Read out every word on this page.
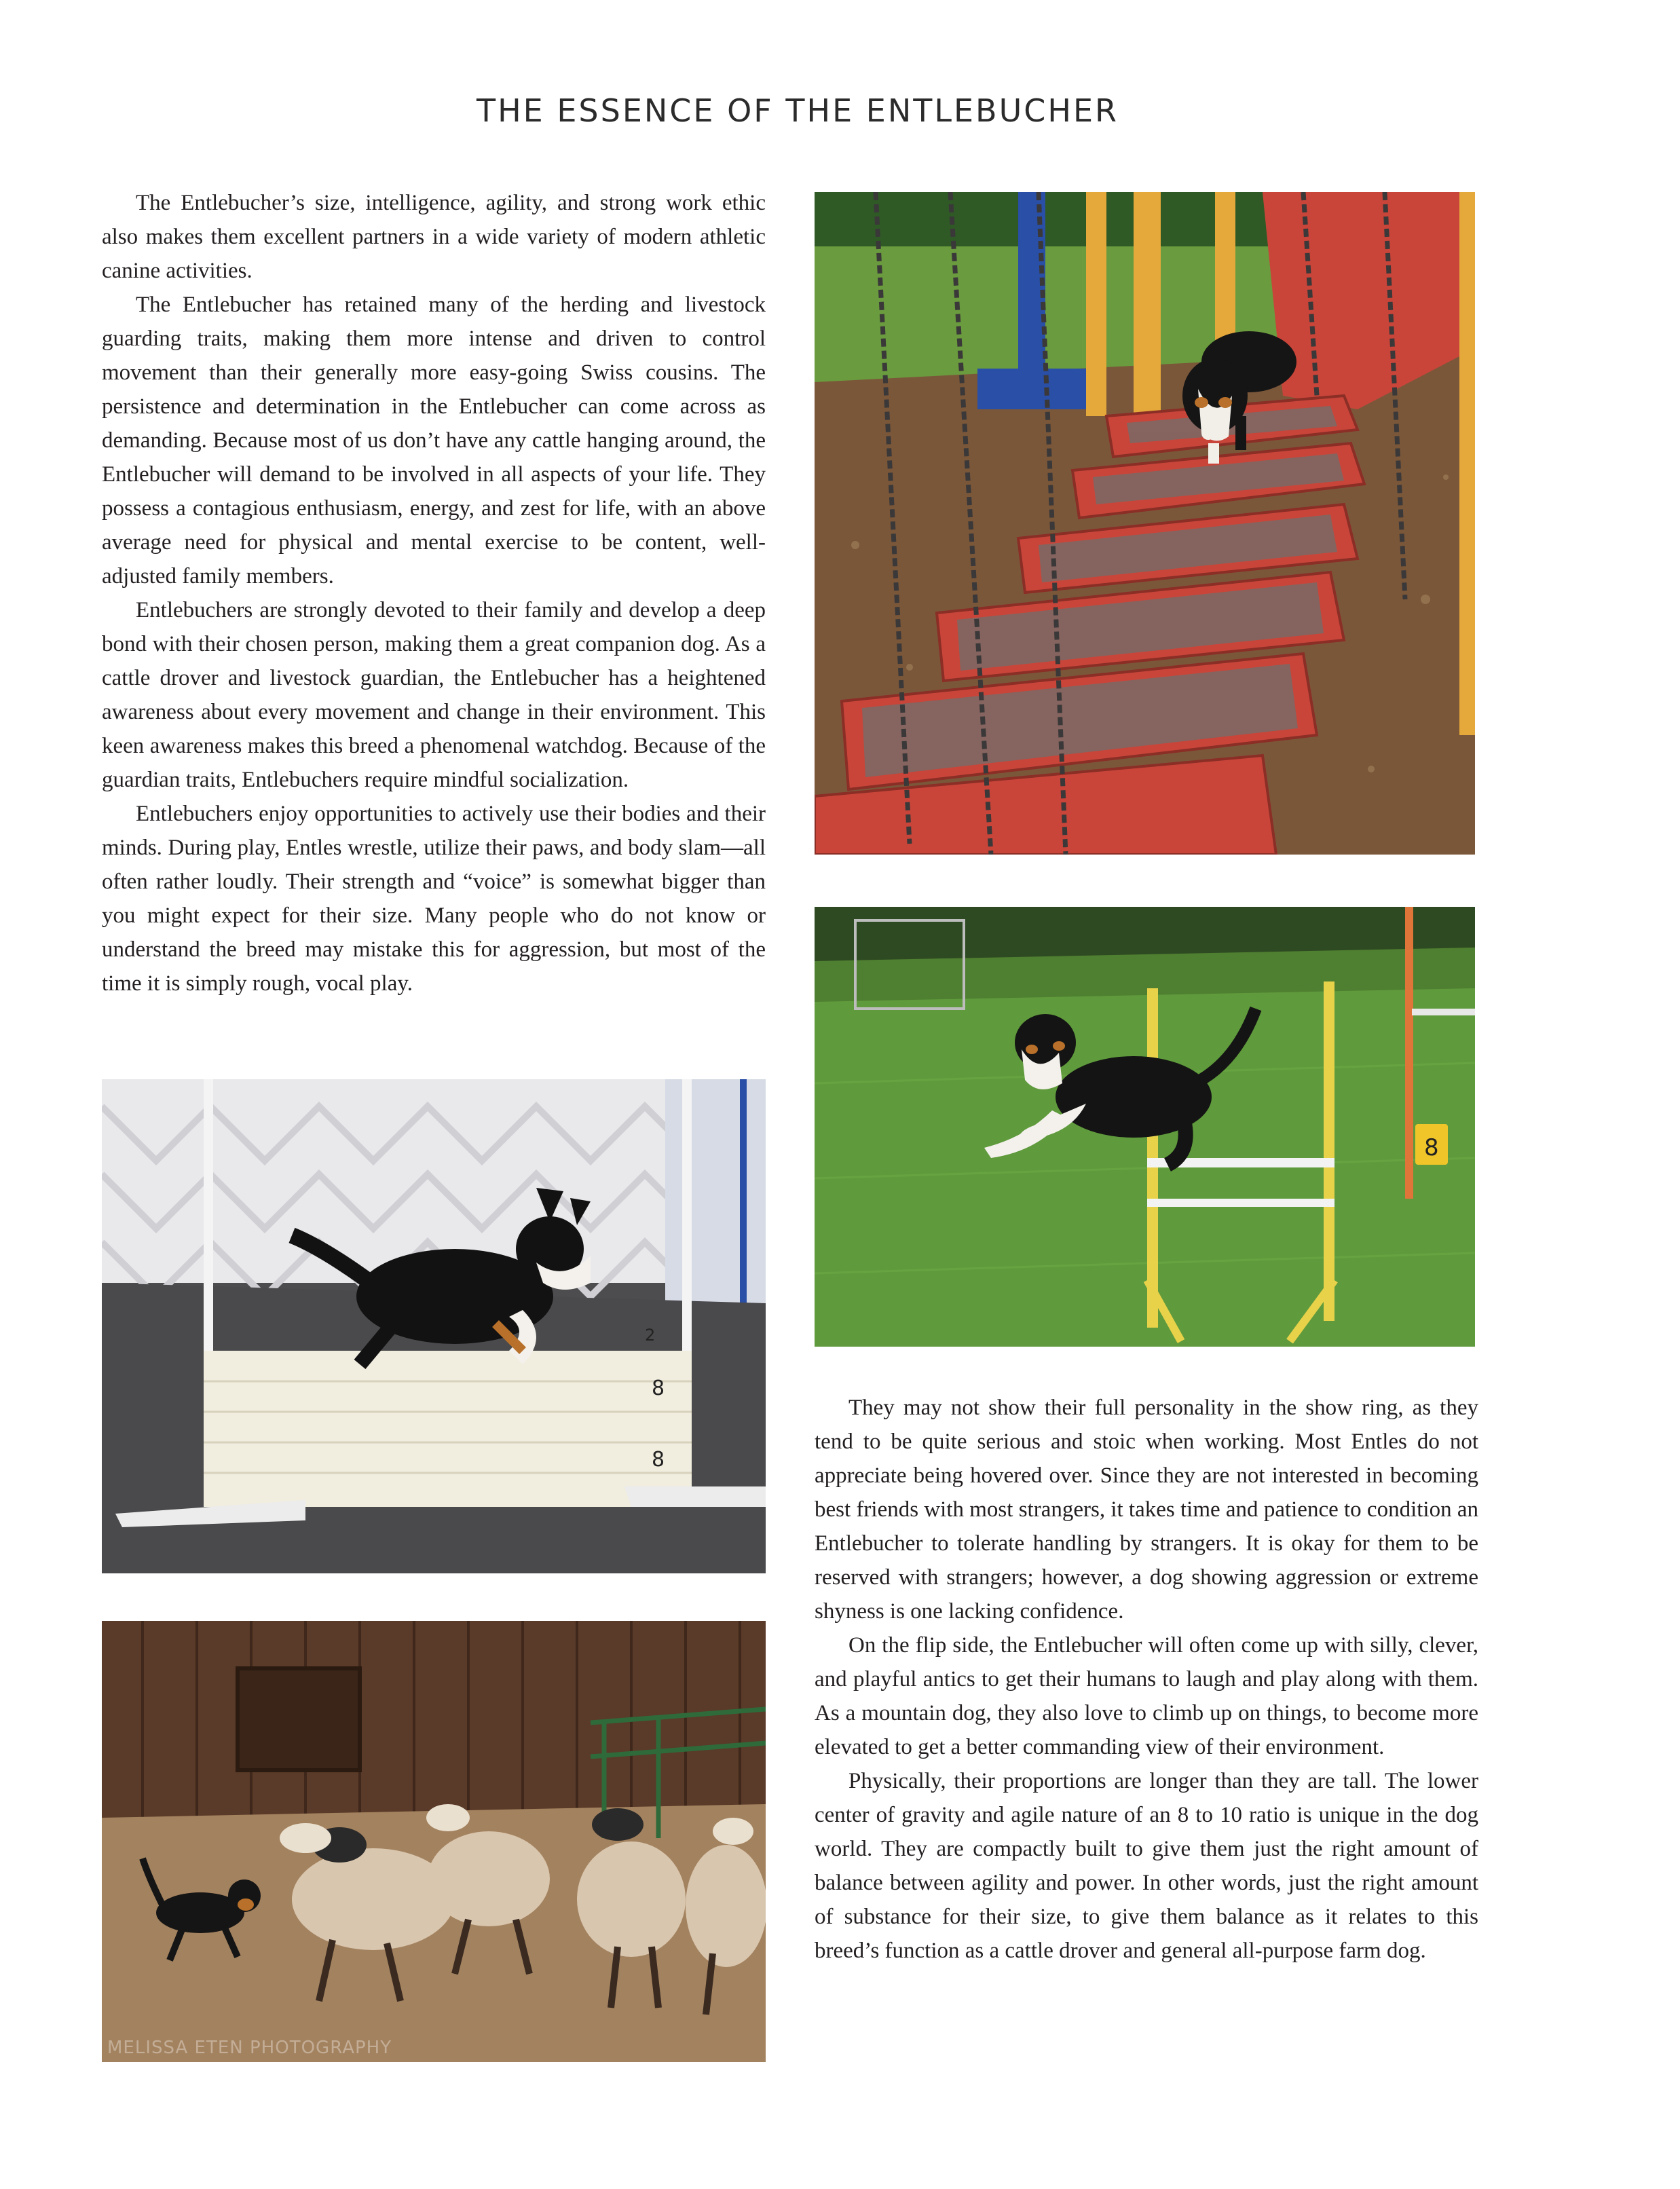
THE ESSENCE OF THE ENTLEBUCHER

The Entlebucher’s size, intelligence, agility, and strong work ethic also makes them excellent partners in a wide variety of modern athletic canine activities.

The Entlebucher has retained many of the herding and livestock guarding traits, making them more intense and driven to control movement than their generally more easy-going Swiss cousins. The persistence and determination in the Entlebucher can come across as demanding. Because most of us don’t have any cattle hanging around, the Entlebucher will demand to be involved in all aspects of your life. They possess a contagious enthusiasm, energy, and zest for life, with an above average need for physical and mental exercise to be content, well-adjusted family members.

Entlebuchers are strongly devoted to their family and develop a deep bond with their chosen person, making them a great companion dog. As a cattle drover and livestock guardian, the Entlebucher has a heightened awareness about every movement and change in their environment. This keen awareness makes this breed a phenomenal watchdog. Because of the guardian traits, Entlebuchers require mindful socialization.

Entlebuchers enjoy opportunities to actively use their bodies and their minds. During play, Entles wrestle, utilize their paws, and body slam—all often rather loudly. Their strength and “voice” is somewhat bigger than you might expect for their size. Many people who do not know or understand the breed may mistake this for aggression, but most of the time it is simply rough, vocal play.

8
2
8
8
MELISSA ETEN PHOTOGRAPHY

They may not show their full personality in the show ring, as they tend to be quite serious and stoic when working. Most Entles do not appreciate being hovered over. Since they are not interested in becoming best friends with most strangers, it takes time and patience to condition an Entlebucher to tolerate handling by strangers. It is okay for them to be reserved with strangers; however, a dog showing aggression or extreme shyness is one lacking confidence.

On the flip side, the Entlebucher will often come up with silly, clever, and playful antics to get their humans to laugh and play along with them. As a mountain dog, they also love to climb up on things, to become more elevated to get a better commanding view of their environment.

Physically, their proportions are longer than they are tall. The lower center of gravity and agile nature of an 8 to 10 ratio is unique in the dog world. They are compactly built to give them just the right amount of balance between agility and power. In other words, just the right amount of substance for their size, to give them balance as it relates to this breed’s function as a cattle drover and general all-purpose farm dog.
